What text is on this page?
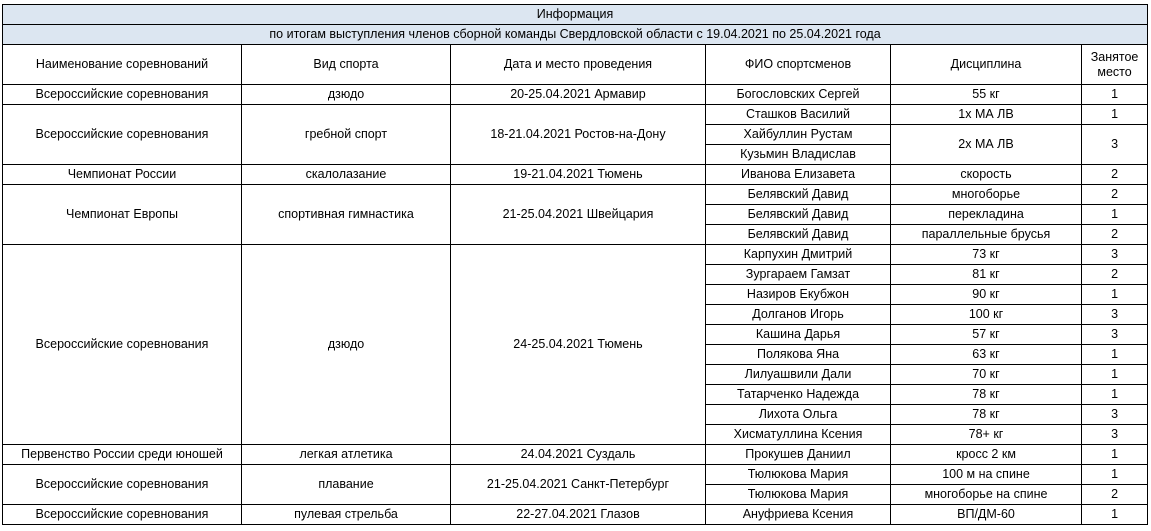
Информация					
по итогам выступления членов сборной команды Свердловской области с 19.04.2021 по 25.04.2021 года					
Наименование соревнований	Вид спорта	Дата и место проведения	ФИО спортсменов	Дисциплина	Занятое место
Всероссийские соревнования	дзюдо	20-25.04.2021 Армавир	Богословских Сергей	55 кг	1
Всероссийские соревнования	гребной спорт	18-21.04.2021 Ростов-на-Дону	Сташков Василий	1х МА ЛВ	1
			Хайбуллин Рустам	2х МА ЛВ	3
			Кузьмин Владислав		
Чемпионат России	скалолазание	19-21.04.2021 Тюмень	Иванова Елизавета	скорость	2
Чемпионат Европы	спортивная гимнастика	21-25.04.2021 Швейцария	Белявский Давид	многоборье	2
			Белявский Давид	перекладина	1
			Белявский Давид	параллельные брусья	2
Всероссийские соревнования	дзюдо	24-25.04.2021 Тюмень	Карпухин Дмитрий	73 кг	3
			Зургараем Гамзат	81 кг	2
			Назиров Екубжон	90 кг	1
			Долганов Игорь	100 кг	3
			Кашина Дарья	57 кг	3
			Полякова Яна	63 кг	1
			Лилуашвили Дали	70 кг	1
			Татарченко Надежда	78 кг	1
			Лихота Ольга	78 кг	3
			Хисматуллина Ксения	78+ кг	3
Первенство России среди юношей	легкая атлетика	24.04.2021 Суздаль	Прокушев Даниил	кросс 2 км	1
Всероссийские соревнования	плавание	21-25.04.2021 Санкт-Петербург	Тюлюкова Мария	100 м на спине	1
			Тюлюкова Мария	многоборье на спине	2
Всероссийские соревнования	пулевая стрельба	22-27.04.2021 Глазов	Ануфриева Ксения	ВП/ДМ-60	1
